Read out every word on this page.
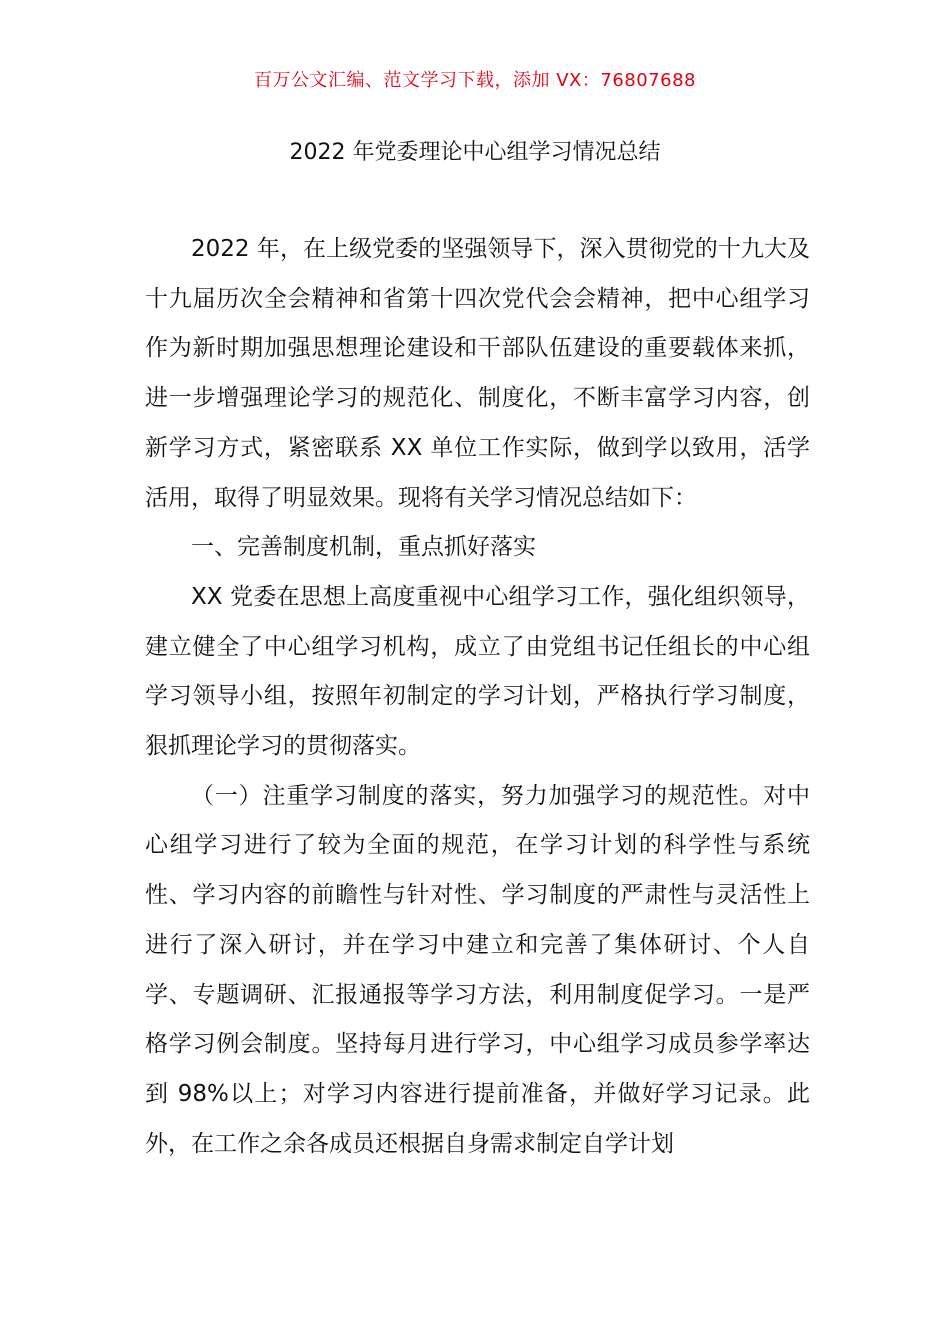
百万公文汇编、范文学习下载，添加 VX：76807688
2022 年党委理论中心组学习情况总结

2022 年，在上级党委的坚强领导下，深入贯彻党的十九大及十九届历次全会精神和省第十四次党代会会精神，把中心组学习作为新时期加强思想理论建设和干部队伍建设的重要载体来抓，进一步增强理论学习的规范化、制度化，不断丰富学习内容，创新学习方式，紧密联系 XX 单位工作实际，做到学以致用，活学活用，取得了明显效果。现将有关学习情况总结如下：

一、完善制度机制，重点抓好落实

XX 党委在思想上高度重视中心组学习工作，强化组织领导，建立健全了中心组学习机构，成立了由党组书记任组长的中心组学习领导小组，按照年初制定的学习计划，严格执行学习制度，狠抓理论学习的贯彻落实。

（一）注重学习制度的落实，努力加强学习的规范性。对中心组学习进行了较为全面的规范，在学习计划的科学性与系统性、学习内容的前瞻性与针对性、学习制度的严肃性与灵活性上进行了深入研讨，并在学习中建立和完善了集体研讨、个人自学、专题调研、汇报通报等学习方法，利用制度促学习。一是严格学习例会制度。坚持每月进行学习，中心组学习成员参学率达到 98%以上；对学习内容进行提前准备，并做好学习记录。此外，在工作之余各成员还根据自身需求制定自学计划
